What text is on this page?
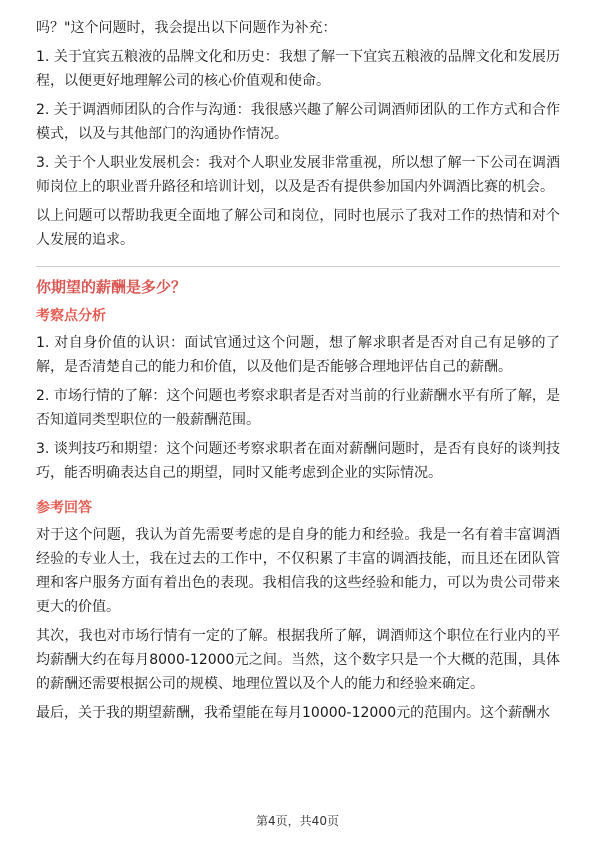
吗？"这个问题时，我会提出以下问题作为补充：

1. 关于宜宾五粮液的品牌文化和历史：我想了解一下宜宾五粮液的品牌文化和发展历程，以便更好地理解公司的核心价值观和使命。

2. 关于调酒师团队的合作与沟通：我很感兴趣了解公司调酒师团队的工作方式和合作模式，以及与其他部门的沟通协作情况。

3. 关于个人职业发展机会：我对个人职业发展非常重视，所以想了解一下公司在调酒师岗位上的职业晋升路径和培训计划，以及是否有提供参加国内外调酒比赛的机会。

以上问题可以帮助我更全面地了解公司和岗位，同时也展示了我对工作的热情和对个人发展的追求。

你期望的薪酬是多少？
考察点分析

1. 对自身价值的认识：面试官通过这个问题，想了解求职者是否对自己有足够的了解，是否清楚自己的能力和价值，以及他们是否能够合理地评估自己的薪酬。

2. 市场行情的了解：这个问题也考察求职者是否对当前的行业薪酬水平有所了解，是否知道同类型职位的一般薪酬范围。

3. 谈判技巧和期望：这个问题还考察求职者在面对薪酬问题时，是否有良好的谈判技巧，能否明确表达自己的期望，同时又能考虑到企业的实际情况。

参考回答

对于这个问题，我认为首先需要考虑的是自身的能力和经验。我是一名有着丰富调酒经验的专业人士，我在过去的工作中，不仅积累了丰富的调酒技能，而且还在团队管理和客户服务方面有着出色的表现。我相信我的这些经验和能力，可以为贵公司带来更大的价值。

其次，我也对市场行情有一定的了解。根据我所了解，调酒师这个职位在行业内的平均薪酬大约在每月8000-12000元之间。当然，这个数字只是一个大概的范围，具体的薪酬还需要根据公司的规模、地理位置以及个人的能力和经验来确定。

最后，关于我的期望薪酬，我希望能在每月10000-12000元的范围内。这个薪酬水

第4页，共40页
